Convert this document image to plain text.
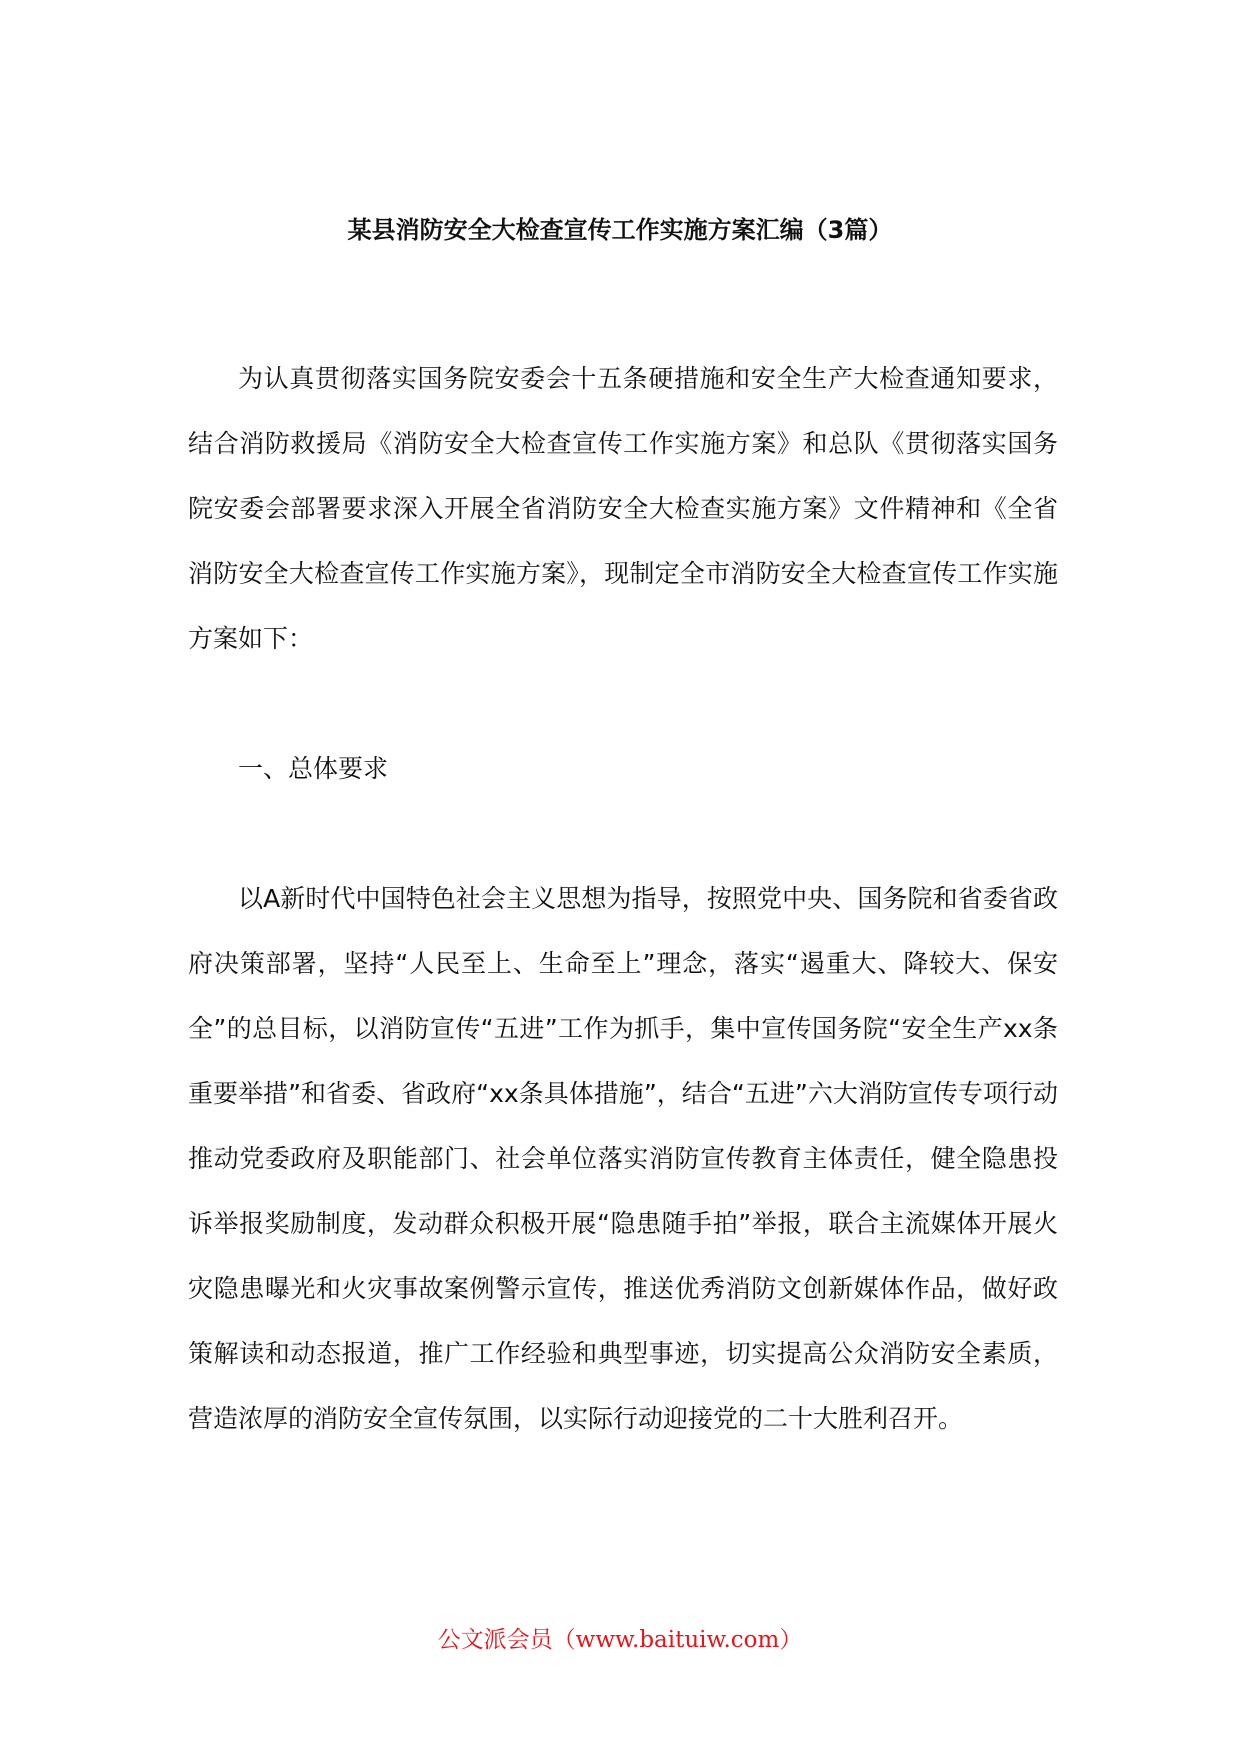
某县消防安全大检查宣传工作实施方案汇编（3篇）

为认真贯彻落实国务院安委会十五条硬措施和安全生产大检查通知要求，结合消防救援局《消防安全大检查宣传工作实施方案》和总队《贯彻落实国务院安委会部署要求深入开展全省消防安全大检查实施方案》文件精神和《全省消防安全大检查宣传工作实施方案》，现制定全市消防安全大检查宣传工作实施方案如下：

一、总体要求

以A新时代中国特色社会主义思想为指导，按照党中央、国务院和省委省政府决策部署，坚持“人民至上、生命至上”理念，落实“遏重大、降较大、保安全”的总目标，以消防宣传“五进”工作为抓手，集中宣传国务院“安全生产xx条重要举措”和省委、省政府“xx条具体措施”，结合“五进”六大消防宣传专项行动推动党委政府及职能部门、社会单位落实消防宣传教育主体责任，健全隐患投诉举报奖励制度，发动群众积极开展“隐患随手拍”举报，联合主流媒体开展火灾隐患曝光和火灾事故案例警示宣传，推送优秀消防文创新媒体作品，做好政策解读和动态报道，推广工作经验和典型事迹，切实提高公众消防安全素质，营造浓厚的消防安全宣传氛围，以实际行动迎接党的二十大胜利召开。

公文派会员（www.baituiw.com）
